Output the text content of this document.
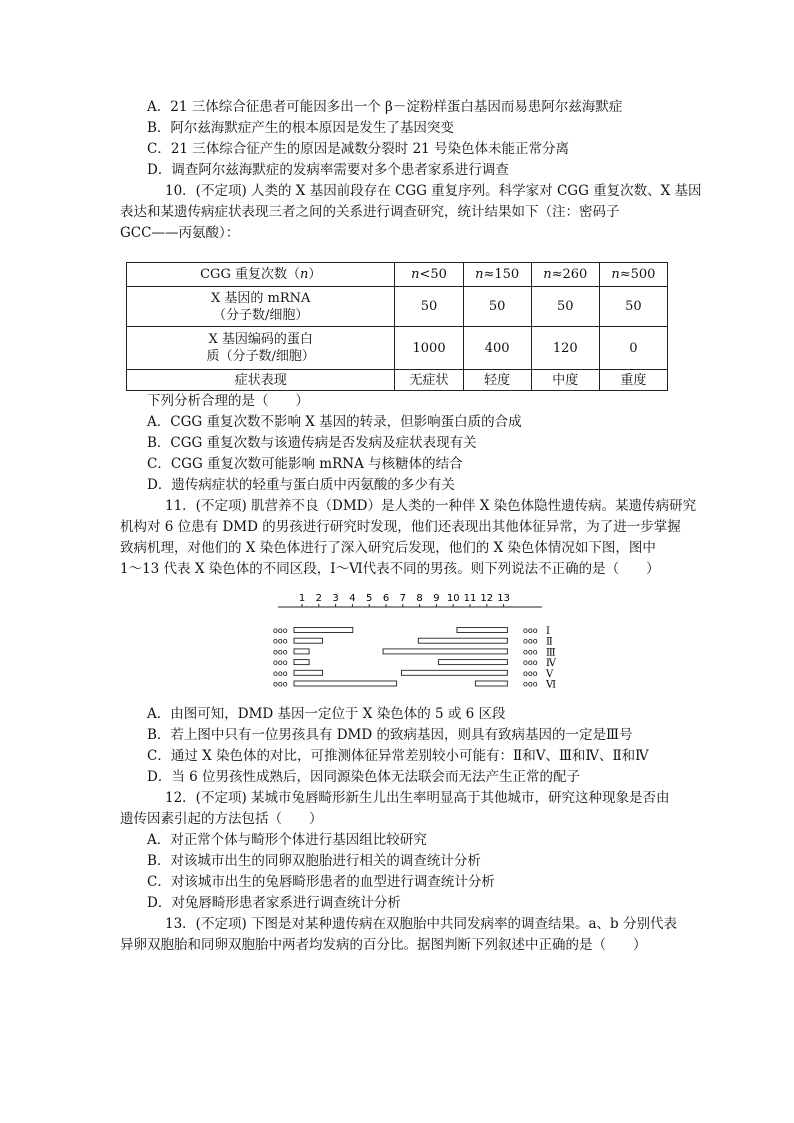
A．21 三体综合征患者可能因多出一个 β－淀粉样蛋白基因而易患阿尔兹海默症
B．阿尔兹海默症产生的根本原因是发生了基因突变
C．21 三体综合征产生的原因是减数分裂时 21 号染色体未能正常分离
D．调查阿尔兹海默症的发病率需要对多个患者家系进行调查
10．(不定项) 人类的 X 基因前段存在 CGG 重复序列。科学家对 CGG 重复次数、X 基因
表达和某遗传病症状表现三者之间的关系进行调查研究，统计结果如下（注：密码子
GCC——丙氨酸）：
CGG 重复次数（n）	n<50	n≈150	n≈260	n≈500
X 基因的 mRNA
（分子数/细胞）	50	50	50	50
X 基因编码的蛋白
质（分子数/细胞）	1000	400	120	0
症状表现	无症状	轻度	中度	重度
下列分析合理的是（　　）
A．CGG 重复次数不影响 X 基因的转录，但影响蛋白质的合成
B．CGG 重复次数与该遗传病是否发病及症状表现有关
C．CGG 重复次数可能影响 mRNA 与核糖体的结合
D．遗传病症状的轻重与蛋白质中丙氨酸的多少有关
11．(不定项) 肌营养不良（DMD）是人类的一种伴 X 染色体隐性遗传病。某遗传病研究
机构对 6 位患有 DMD 的男孩进行研究时发现，他们还表现出其他体征异常，为了进一步掌握
致病机理，对他们的 X 染色体进行了深入研究后发现，他们的 X 染色体情况如下图，图中
1～13 代表 X 染色体的不同区段，Ⅰ～Ⅵ代表不同的男孩。则下列说法不正确的是（　　）
1 2 3 4 5 6 7 8 9 10 11 12 13
ooo	ooo Ⅰ
ooo	ooo Ⅱ
ooo	ooo Ⅲ
ooo	ooo Ⅳ
ooo	ooo Ⅴ
ooo	ooo Ⅵ
A．由图可知，DMD 基因一定位于 X 染色体的 5 或 6 区段
B．若上图中只有一位男孩具有 DMD 的致病基因，则具有致病基因的一定是Ⅲ号
C．通过 X 染色体的对比，可推测体征异常差别较小可能有：Ⅱ和Ⅴ、Ⅲ和Ⅳ、Ⅱ和Ⅳ
D．当 6 位男孩性成熟后，因同源染色体无法联会而无法产生正常的配子
12．(不定项) 某城市兔唇畸形新生儿出生率明显高于其他城市，研究这种现象是否由
遗传因素引起的方法包括（　　）
A．对正常个体与畸形个体进行基因组比较研究
B．对该城市出生的同卵双胞胎进行相关的调查统计分析
C．对该城市出生的兔唇畸形患者的血型进行调查统计分析
D．对兔唇畸形患者家系进行调查统计分析
13．(不定项) 下图是对某种遗传病在双胞胎中共同发病率的调查结果。a、b 分别代表
异卵双胞胎和同卵双胞胎中两者均发病的百分比。据图判断下列叙述中正确的是（　　）
